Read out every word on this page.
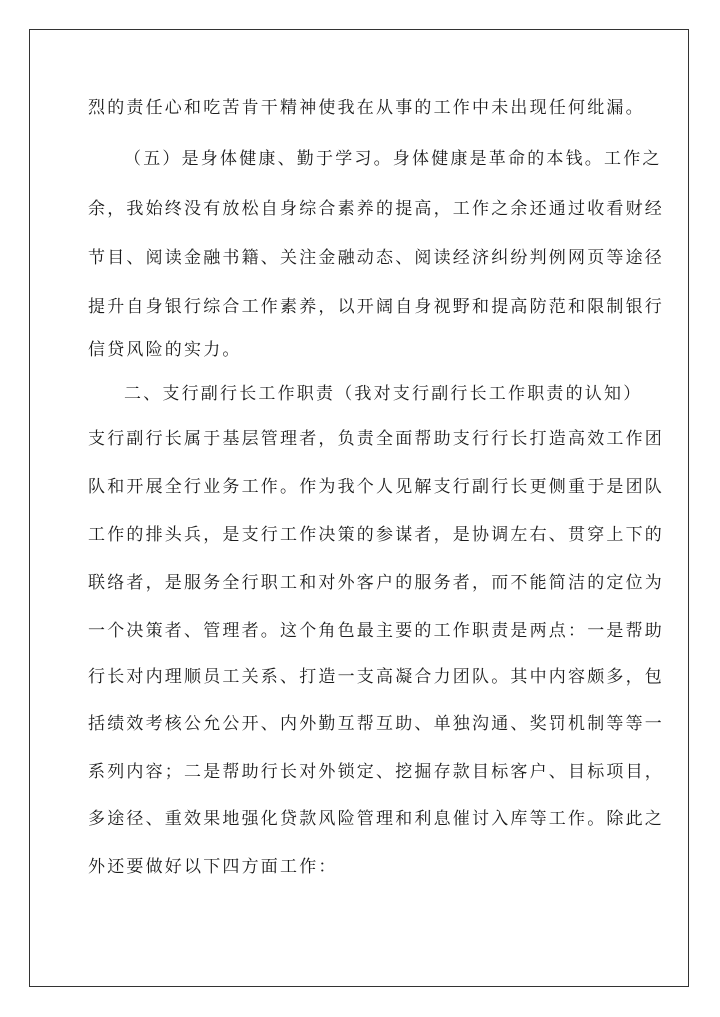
烈的责任心和吃苦肯干精神使我在从事的工作中未出现任何纰漏。
（五）是身体健康、勤于学习。身体健康是革命的本钱。工作之
余，我始终没有放松自身综合素养的提高，工作之余还通过收看财经
节目、阅读金融书籍、关注金融动态、阅读经济纠纷判例网页等途径
提升自身银行综合工作素养，以开阔自身视野和提高防范和限制银行
信贷风险的实力。
二、支行副行长工作职责（我对支行副行长工作职责的认知）
支行副行长属于基层管理者，负责全面帮助支行行长打造高效工作团
队和开展全行业务工作。作为我个人见解支行副行长更侧重于是团队
工作的排头兵，是支行工作决策的参谋者，是协调左右、贯穿上下的
联络者，是服务全行职工和对外客户的服务者，而不能简洁的定位为
一个决策者、管理者。这个角色最主要的工作职责是两点：一是帮助
行长对内理顺员工关系、打造一支高凝合力团队。其中内容颇多，包
括绩效考核公允公开、内外勤互帮互助、单独沟通、奖罚机制等等一
系列内容；二是帮助行长对外锁定、挖掘存款目标客户、目标项目，
多途径、重效果地强化贷款风险管理和利息催讨入库等工作。除此之
外还要做好以下四方面工作：
